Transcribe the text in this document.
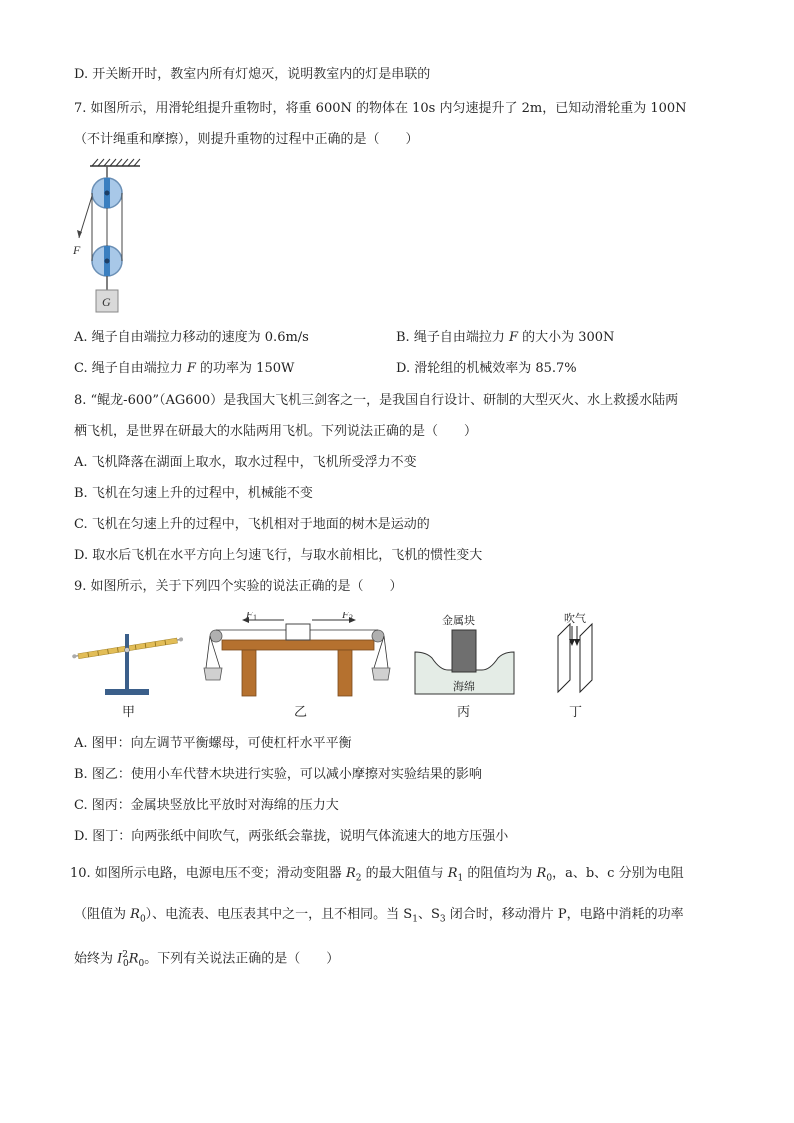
D. 开关断开时，教室内所有灯熄灭，说明教室内的灯是串联的
7. 如图所示，用滑轮组提升重物时，将重 600N 的物体在 10s 内匀速提升了 2m，已知动滑轮重为 100N
（不计绳重和摩擦），则提升重物的过程中正确的是（　　）
F
G
A. 绳子自由端拉力移动的速度为 0.6m/s	B. 绳子自由端拉力 F 的大小为 300N
C. 绳子自由端拉力 F 的功率为 150W	D. 滑轮组的机械效率为 85.7%
8. “鲲龙-600”（AG600）是我国大飞机三剑客之一，是我国自行设计、研制的大型灭火、水上救援水陆两
栖飞机，是世界在研最大的水陆两用飞机。下列说法正确的是（　　）
A. 飞机降落在湖面上取水，取水过程中，飞机所受浮力不变
B. 飞机在匀速上升的过程中，机械能不变
C. 飞机在匀速上升的过程中，飞机相对于地面的树木是运动的
D. 取水后飞机在水平方向上匀速飞行，与取水前相比，飞机的惯性变大
9. 如图所示，关于下列四个实验的说法正确的是（　　）
甲
F 1	F 2
乙
金属块
海绵
丙
吹气
丁
A. 图甲：向左调节平衡螺母，可使杠杆水平平衡
B. 图乙：使用小车代替木块进行实验，可以减小摩擦对实验结果的影响
C. 图丙：金属块竖放比平放时对海绵的压力大
D. 图丁：向两张纸中间吹气，两张纸会靠拢，说明气体流速大的地方压强小
10. 如图所示电路，电源电压不变；滑动变阻器 $R_2$ 的最大阻值与 $R_1$ 的阻值均为 $R_0$，a、b、c 分别为电阻
（阻值为 $R_0$）、电流表、电压表其中之一，且不相同。当 $S_1$、$S_3$ 闭合时，移动滑片 P，电路中消耗的功率
始终为 $I^2_0R_0$。下列有关说法正确的是（　　）
